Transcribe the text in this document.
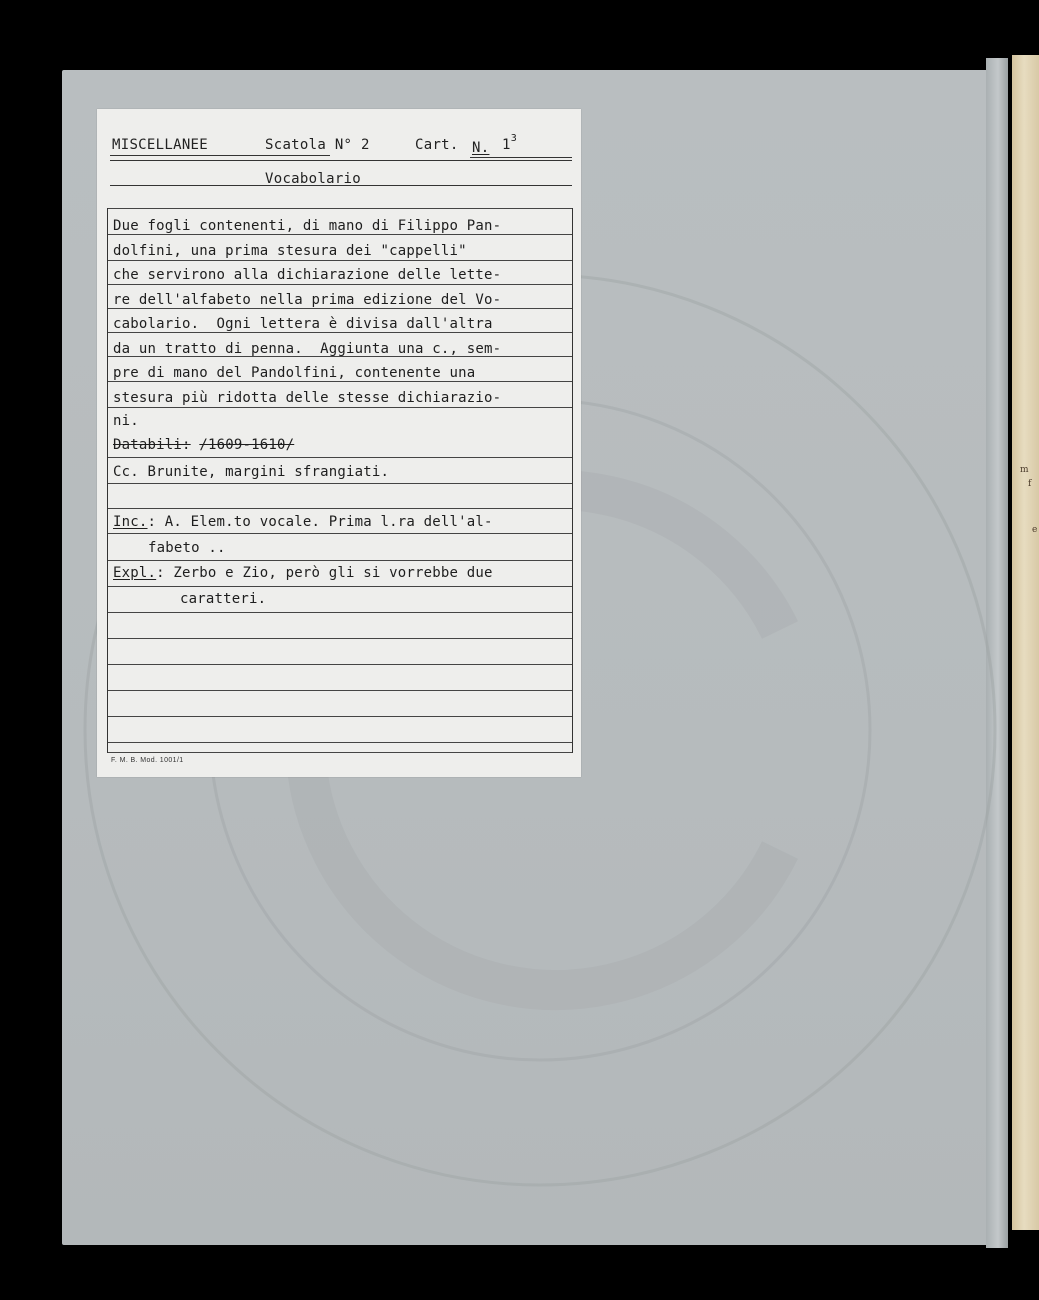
m
f
e
MISCELLANEE	Scatola N° 2	Cart. N. $1^3$
Vocabolario
Due fogli contenenti, di mano di Filippo Pan-
dolfini, una prima stesura dei "cappelli"
che servirono alla dichiarazione delle lette-
re dell'alfabeto nella prima edizione del Vo-
cabolario.  Ogni lettera è divisa dall'altra
da un tratto di penna.  Aggiunta una c., sem-
pre di mano del Pandolfini, contenente una
stesura più ridotta delle stesse dichiarazio-
ni.
Databili: /1609-1610/
Cc. Brunite, margini sfrangiati.
Inc.: A. Elem.to vocale. Prima l.ra dell'al-
fabeto ..
Expl.: Zerbo e Zio, però gli si vorrebbe due
caratteri.
F. M. B. Mod. 1001/1
